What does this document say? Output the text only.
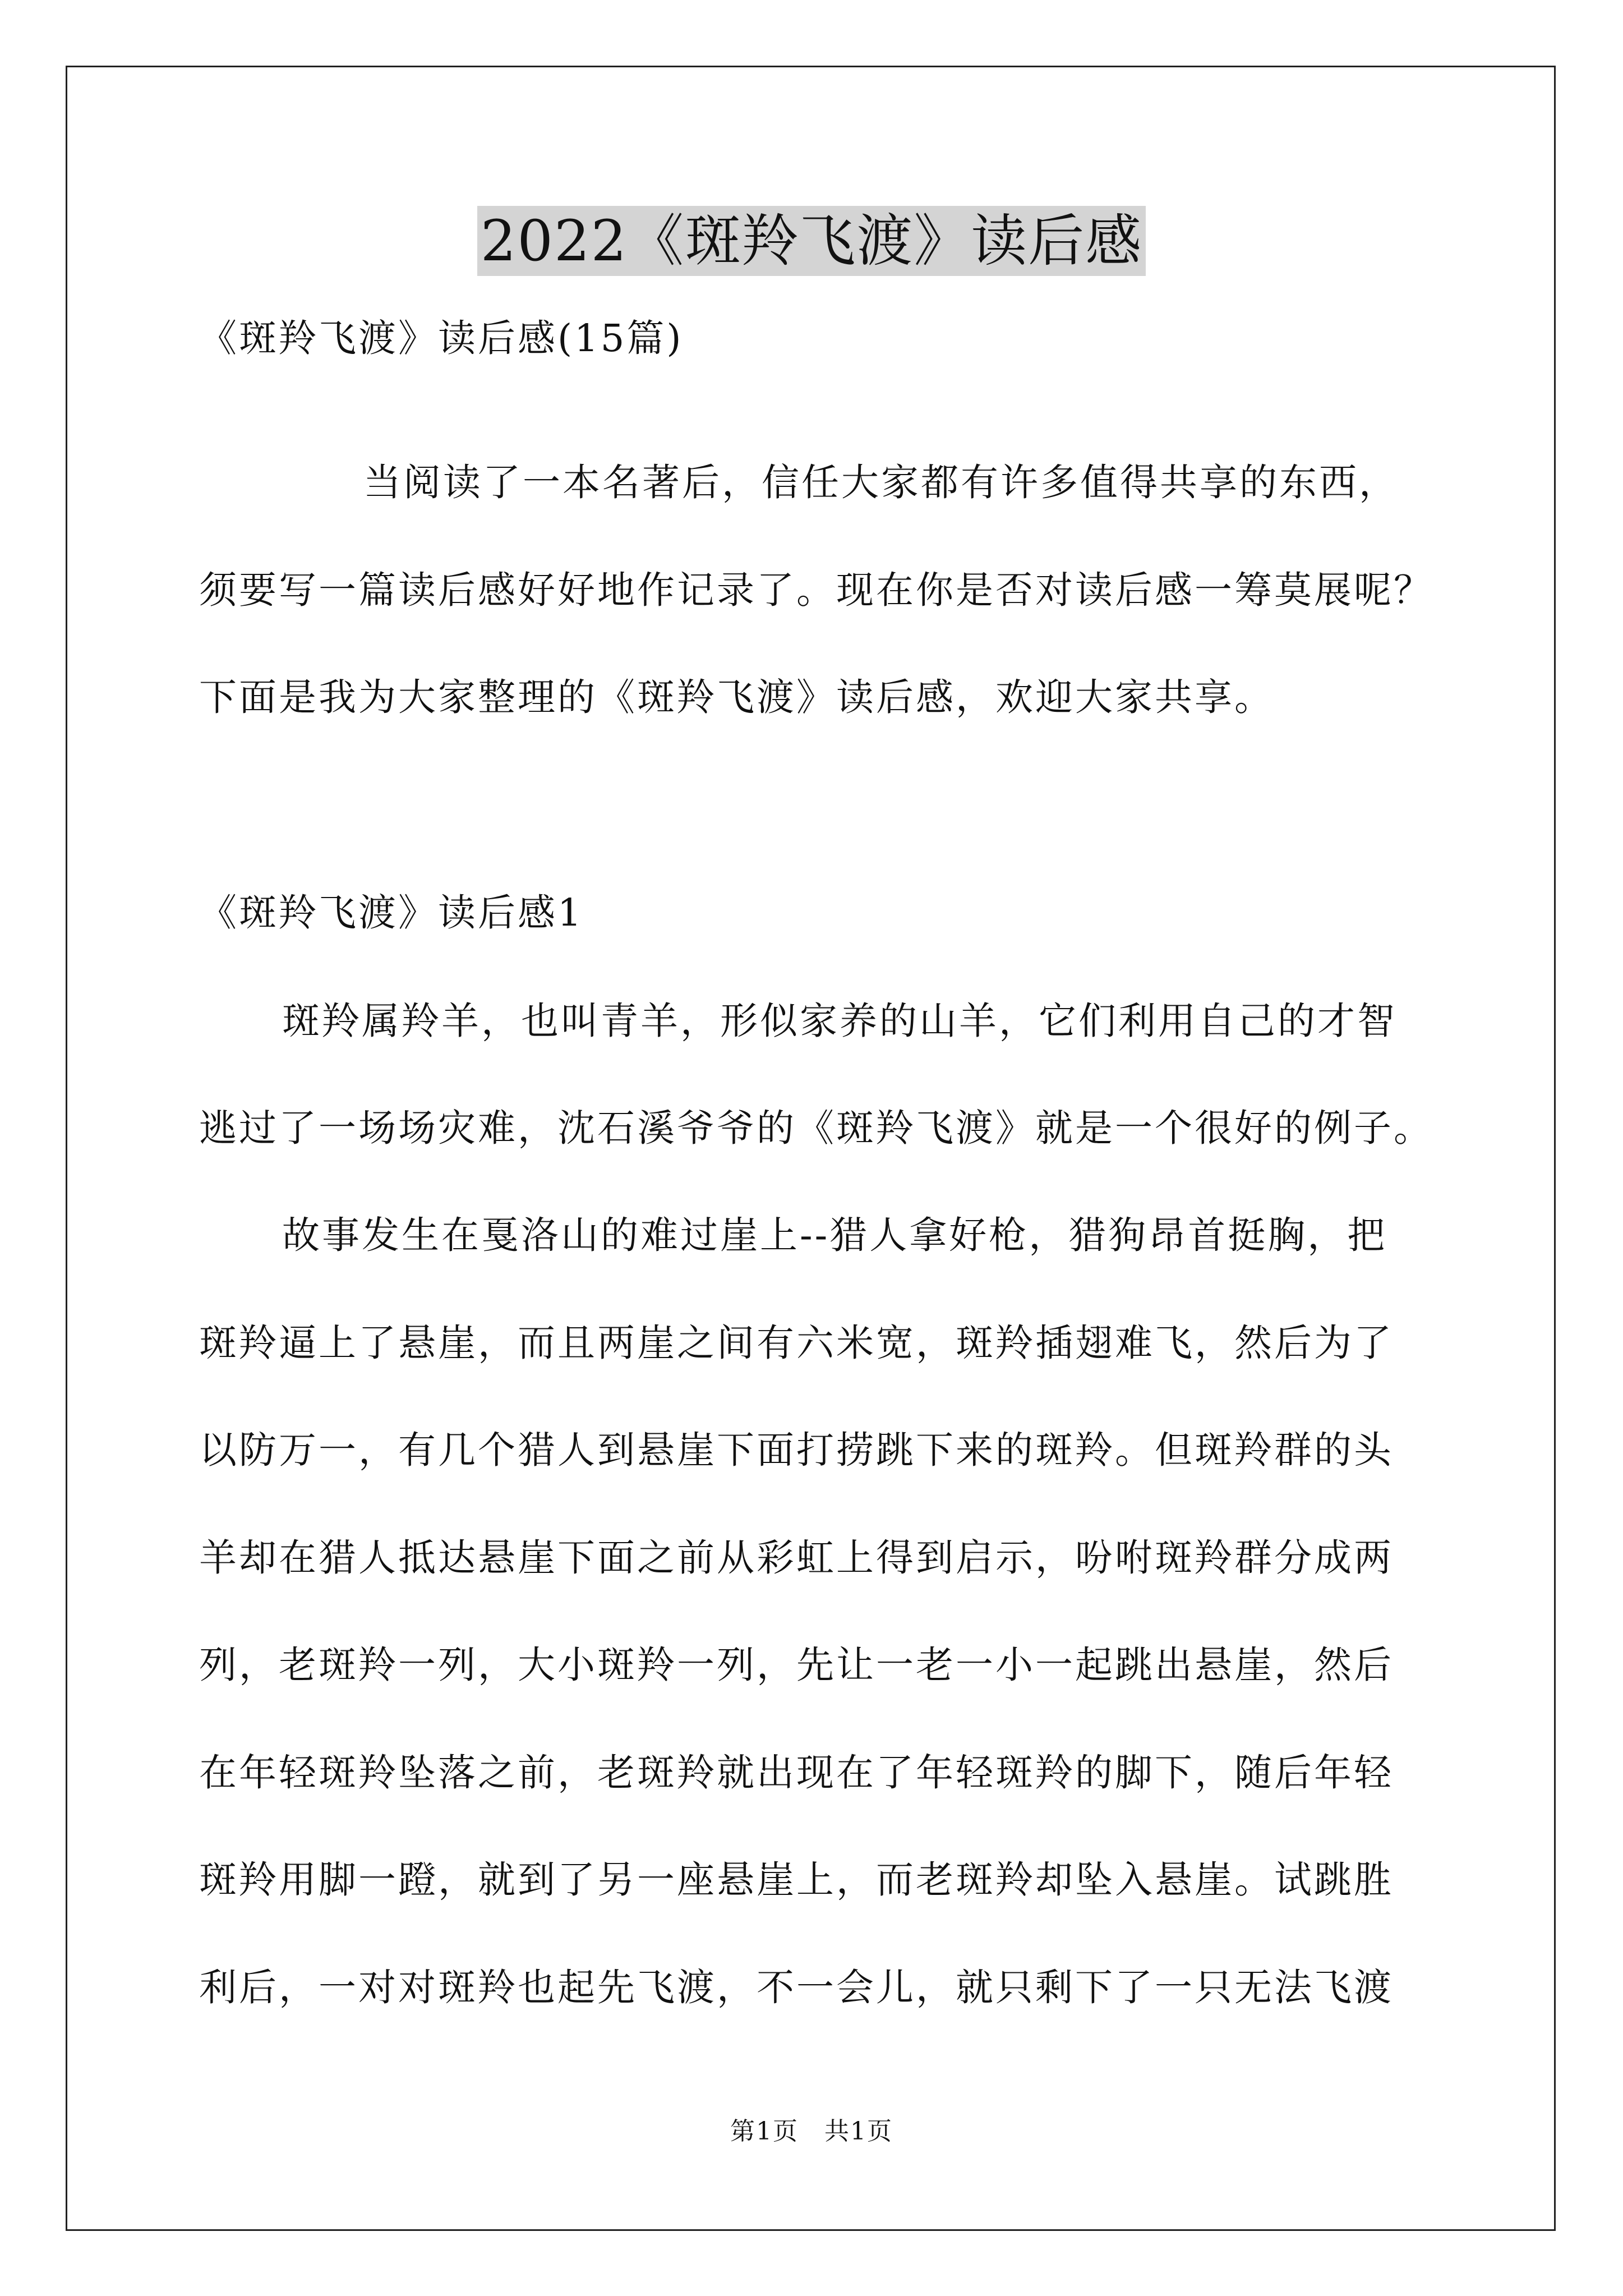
2022《斑羚飞渡》读后感
《斑羚飞渡》读后感(15篇)
当阅读了一本名著后，信任大家都有许多值得共享的东西，
须要写一篇读后感好好地作记录了。现在你是否对读后感一筹莫展呢？
下面是我为大家整理的《斑羚飞渡》读后感，欢迎大家共享。
《斑羚飞渡》读后感1
斑羚属羚羊，也叫青羊，形似家养的山羊，它们利用自己的才智
逃过了一场场灾难，沈石溪爷爷的《斑羚飞渡》就是一个很好的例子。
故事发生在戛洛山的难过崖上--猎人拿好枪，猎狗昂首挺胸，把
斑羚逼上了悬崖，而且两崖之间有六米宽，斑羚插翅难飞，然后为了
以防万一，有几个猎人到悬崖下面打捞跳下来的斑羚。但斑羚群的头
羊却在猎人抵达悬崖下面之前从彩虹上得到启示，吩咐斑羚群分成两
列，老斑羚一列，大小斑羚一列，先让一老一小一起跳出悬崖，然后
在年轻斑羚坠落之前，老斑羚就出现在了年轻斑羚的脚下，随后年轻
斑羚用脚一蹬，就到了另一座悬崖上，而老斑羚却坠入悬崖。试跳胜
利后，一对对斑羚也起先飞渡，不一会儿，就只剩下了一只无法飞渡
第1页　共1页
